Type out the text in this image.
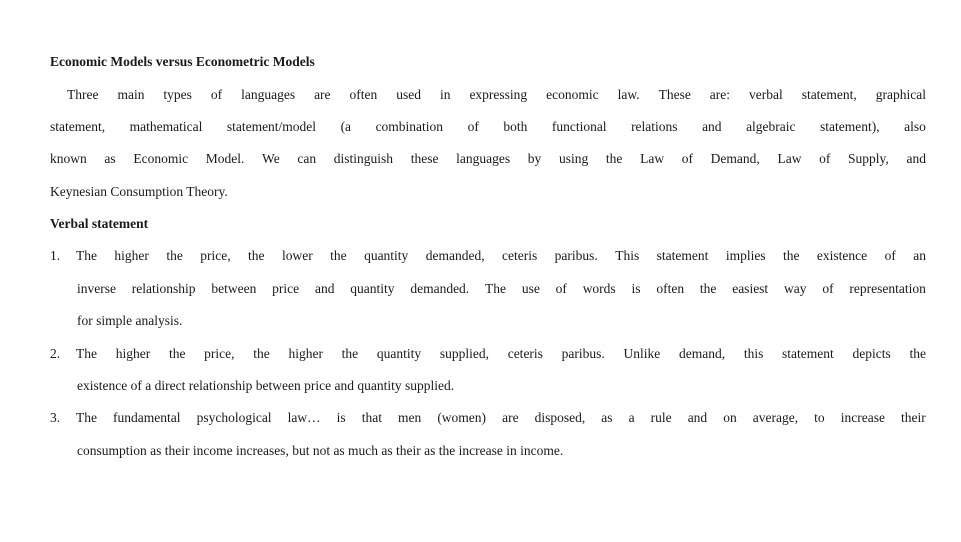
Economic Models versus Econometric Models
Three main types of languages are often used in expressing economic law. These are: verbal statement, graphical
statement, mathematical statement/model (a combination of both functional relations and algebraic statement), also
known as Economic Model. We can distinguish these languages by using the Law of Demand, Law of Supply, and
Keynesian Consumption Theory.
Verbal statement
1. The higher the price, the lower the quantity demanded, ceteris paribus. This statement implies the existence of an
inverse relationship between price and quantity demanded. The use of words is often the easiest way of representation
for simple analysis.
2. The higher the price, the higher the quantity supplied, ceteris paribus. Unlike demand, this statement depicts the
existence of a direct relationship between price and quantity supplied.
3. The fundamental psychological law… is that men (women) are disposed, as a rule and on average, to increase their
consumption as their income increases, but not as much as their as the increase in income.
